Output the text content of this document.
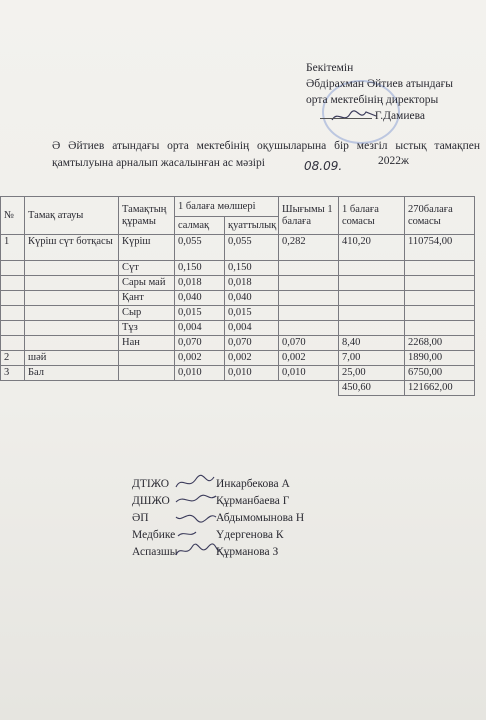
Бекітемін
Әбдірахман Әйтиев атындағы
орта мектебінің директоры
Г.Дамиева
Ә Әйтиев атындағы орта мектебінің оқушыларына бір мезгіл ыстық тамақпен
қамтылуына арналып жасалынған ас мәзірі	08.09.	2022ж
№	Тамақ атауы	Тамақтың құрамы	1 балаға мөлшері		Шығымы 1 балаға	1 балаға сомасы	270балаға сомасы
			салмақ	қуаттылық			
1	Күріш сүт ботқасы	Күріш	0,055	0,055	0,282	410,20	110754,00
		Сүт	0,150	0,150			
		Сары май	0,018	0,018			
		Қант	0,040	0,040			
		Сыр	0,015	0,015			
		Тұз	0,004	0,004			
		Нан	0,070	0,070	0,070	8,40	2268,00
2	шәй		0,002	0,002	0,002	7,00	1890,00
3	Бал		0,010	0,010	0,010	25,00	6750,00
						450,60	121662,00
ДТІЖО	Инкарбекова А
ДШЖО	Құрманбаева Г
ӘП	Абдымомынова Н
Медбике	Үдергенова К
Аспазшы	Құрманова З
